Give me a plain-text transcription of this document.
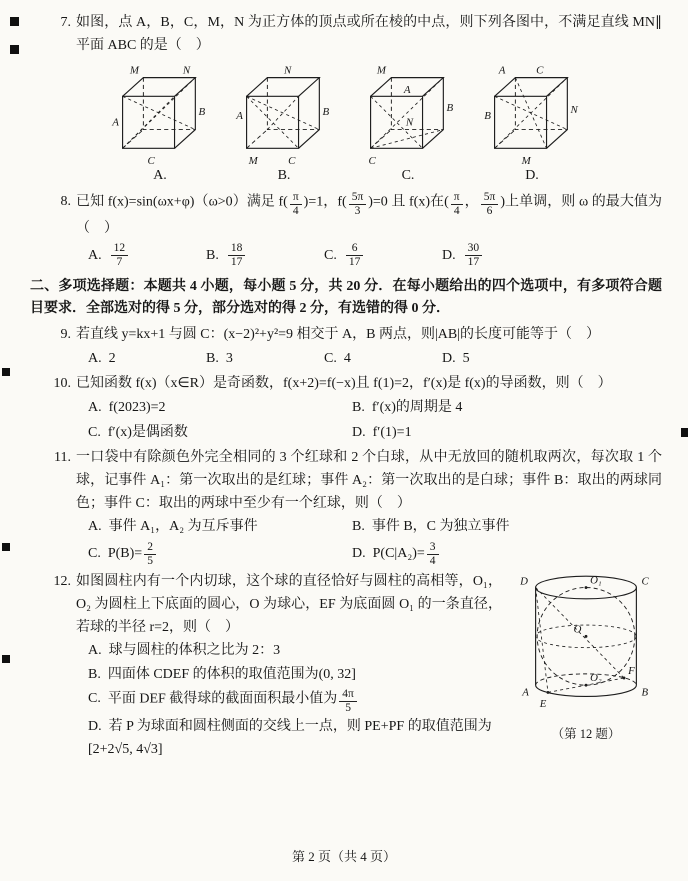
7. 如图，点 A，B，C，M，N 为正方体的顶点或所在棱的中点，则下列各图中，不满足直线 MN∥平面 ABC 的是（　）
M	N
A
B
C
A.
N
A	B
M	C
B.
M
A
N
B
C
C.
A	C
B
N
M
D.
8. 已知 f(x)=sin(ωx+φ)（ω>0）满足 $f( \frac{\pi}{4} )=1$，$f( \frac{5\pi}{3} )=0$ 且 f(x)在( $\frac{\pi}{4}$ ， $\frac{5\pi}{6}$ )上单调，则 ω 的最大值为（　）
A. $\frac{12}{7}$	B. $\frac{18}{17}$	C. $\frac{6}{17}$	D. $\frac{30}{17}$
二、多项选择题：本题共 4 小题，每小题 5 分，共 20 分．在每小题给出的四个选项中，有多项符合题目要求．全部选对的得 5 分，部分选对的得 2 分，有选错的得 0 分．
9. 若直线 y=kx+1 与圆 C：(x−2)²+y²=9 相交于 A，B 两点，则|AB|的长度可能等于（　）
A. 2	B. 3	C. 4	D. 5
10. 已知函数 f(x)（x∈R）是奇函数，f(x+2)=f(−x)且 f(1)=2，f′(x)是 f(x)的导函数，则（　）
A. f(2023)=2	B. f′(x)的周期是 4
C. f′(x)是偶函数	D. f′(1)=1
11. 一口袋中有除颜色外完全相同的 3 个红球和 2 个白球，从中无放回的随机取两次，每次取 1 个球，记事件 A₁：第一次取出的是红球；事件 A₂：第一次取出的是白球；事件 B：取出的两球同色；事件 C：取出的两球中至少有一个红球，则（　）
A. 事件 A₁，A₂ 为互斥事件	B. 事件 B，C 为独立事件
C. $P(B)= \frac{2}{5}$	D. $P(C|A_2)= \frac{3}{4}$
12.	D	C
O₁
O
O₂
A	B
E
F
（第 12 题）
如图圆柱内有一个内切球，这个球的直径恰好与圆柱的高相等，O₁，O₂ 为圆柱上下底面的圆心，O 为球心，EF 为底面圆 O₁ 的一条直径，若球的半径 r=2，则（　）
A. 球与圆柱的体积之比为 2：3
B. 四面体 CDEF 的体积的取值范围为(0, 32]
C. 平面 DEF 截得球的截面面积最小值为 $\frac{4\pi}{5}$
D. 若 P 为球面和圆柱侧面的交线上一点，则 PE+PF 的取值范围为[2+2√5, 4√3]
第 2 页（共 4 页）
